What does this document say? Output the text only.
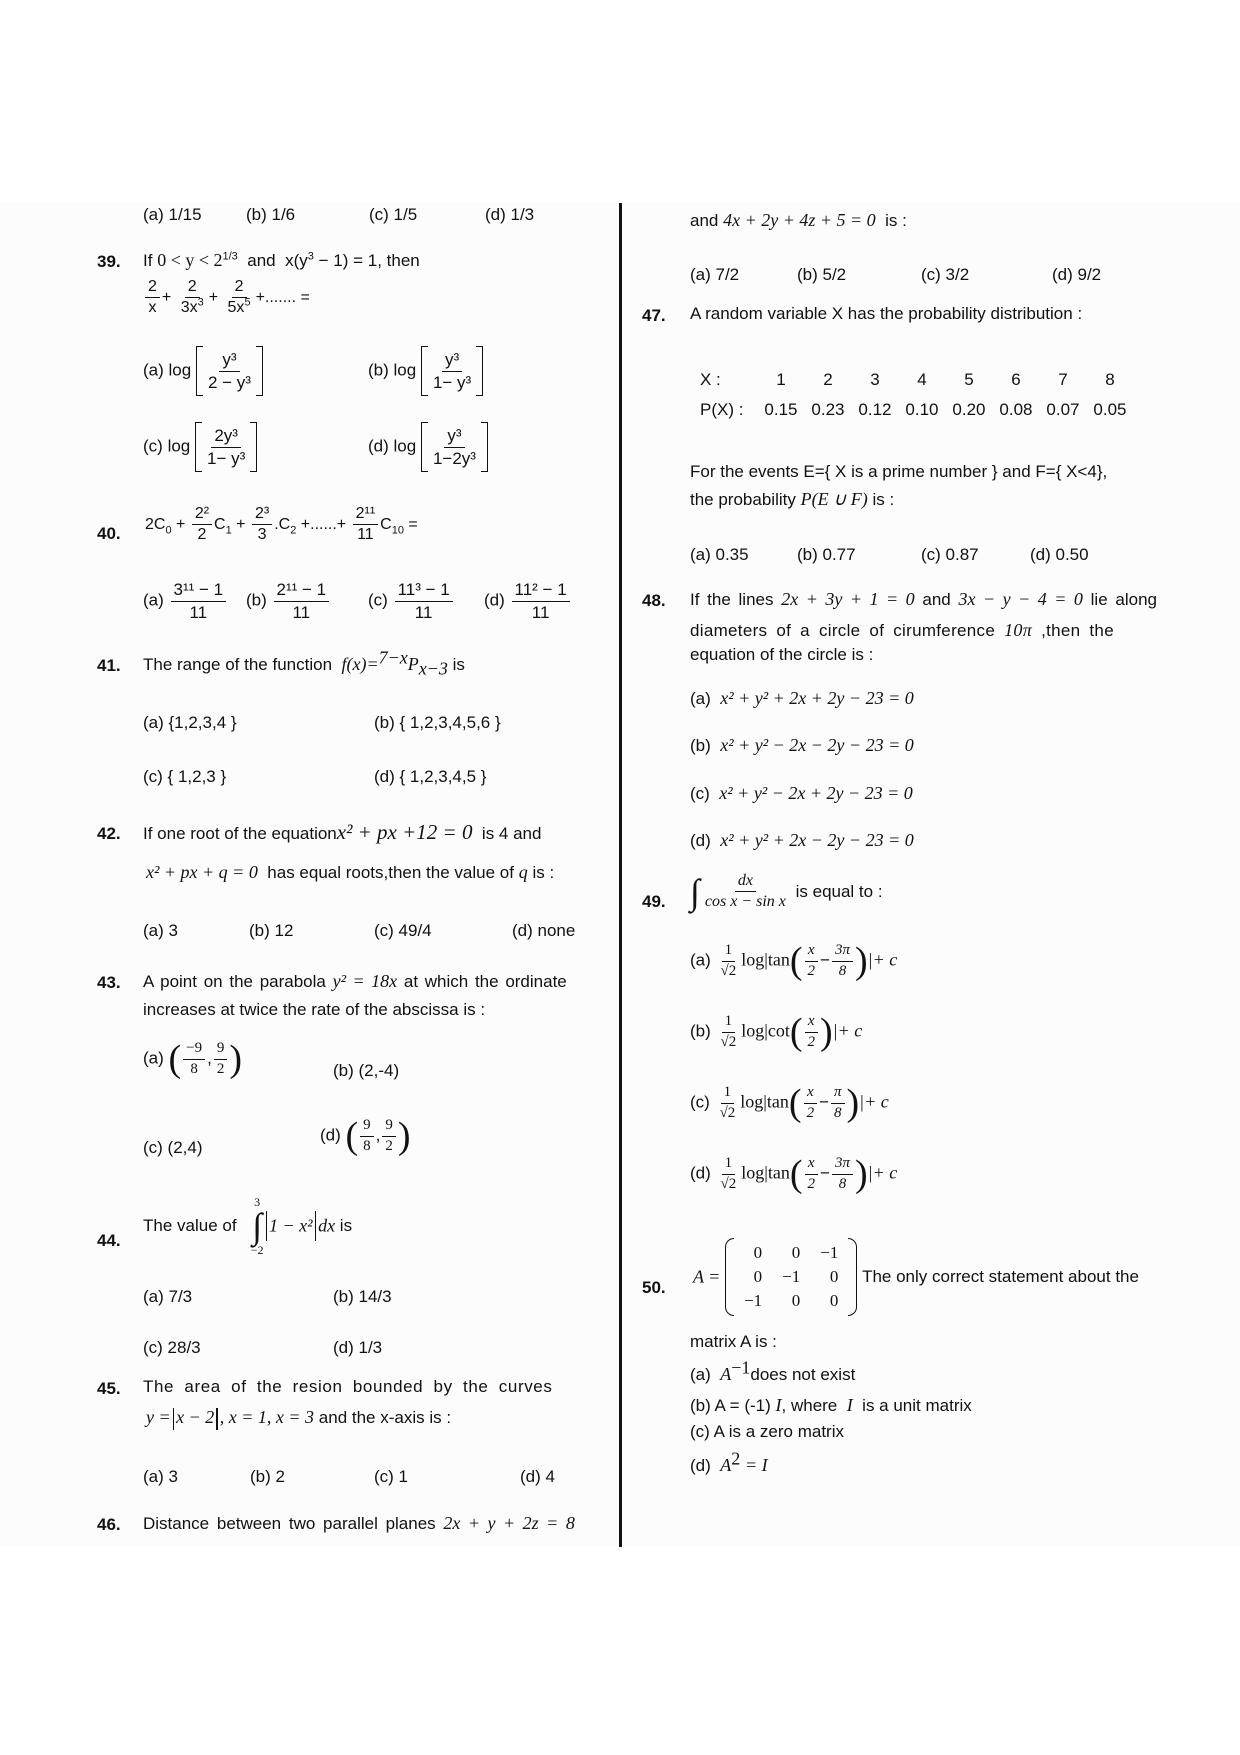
(a) 1/15	(b) 1/6	(c) 1/5	(d) 1/3
39. If $0 < y < 2^{1/3}$ and $x(y^3 - 1) = 1$, then
$\frac{2}{x} + \frac{2}{3x^3} + \frac{2}{5x^5}$ +....... =
(a) $\log \frac{\text{y³}}{\text{2 − y³}}$	(b) $\log \frac{\text{y³}}{\text{1− y³}}$
(c) $\log \frac{\text{2y³}}{\text{1− y³}}$	(d) $\log \frac{\text{y³}}{\text{1−2y³}}$
40. $2C_0 + \frac{\text{2²}}{2} C_1 + \frac{\text{2³}}{3} .C_2$ +......+ $\frac{\text{2¹¹}}{11} C_{10}$ =
$(a) \frac{\text{3¹¹ − 1}}{11} (b) \frac{\text{2¹¹ − 1}}{11} (c) \frac{\text{11³ − 1}}{11} (d) \frac{\text{11² − 1}}{11}$
41. The range of the function $f(x)=^{7-x}P_{x-3}$ is
(a) {1,2,3,4 }	(b) { 1,2,3,4,5,6 }
(c) { 1,2,3 }	(d) { 1,2,3,4,5 }
42. If one root of the equationx² + px +12 = 0 is 4 and
x² + px + q = 0 has equal roots,then the value of q is :
(a) 3	(b) 12	(c) 49/4	(d) none
43. A point on the parabola y² = 18x at which the ordinate
increases at twice the rate of the abscissa is :
(a) ( $\frac{-9}{8}$ , $\frac{9}{2}$ )	(b) (2,-4)
(c) (2,4)
(d) ( $\frac{9}{8}$ , $\frac{9}{2}$ )
44.
The value of
3
∫
−2
1 − x² dx is
(a) 7/3	(b) 14/3
(c) 28/3	(d) 1/3
45. The area of the resion bounded by the curves
y = x − 2 , x = 1, x = 3 and the x-axis is :
(a) 3	(b) 2	(c) 1	(d) 4
46. Distance between two parallel planes 2x + y + 2z = 8
and 4x + 2y + 4z + 5 = 0 is :
(a) 7/2	(b) 5/2	(c) 3/2	(d) 9/2
47. A random variable X has the probability distribution :
X :	1	2	3	4	5	6	7	8
P(X) :	0.15	0.23	0.12	0.10	0.20	0.08	0.07	0.05
For the events E={ X is a prime number } and F={ X<4},
the probability P(E ∪ F) is :
(a) 0.35	(b) 0.77	(c) 0.87	(d) 0.50
48. If the lines 2x + 3y + 1 = 0 and 3x − y − 4 = 0 lie along
diameters of a circle of cirumference 10π ,then the
equation of the circle is :
(a) x² + y² + 2x + 2y − 23 = 0
(b) x² + y² − 2x − 2y − 23 = 0
(c) x² + y² − 2x + 2y − 23 = 0
(d) x² + y² + 2x − 2y − 23 = 0
49. ∫ $\frac{dx}{\text{cos x − sin x}}$ is equal to :
$(a) \frac{1}{√2} \log|\tan( \frac{x}{2} - \frac{3\pi}{8}$ )|+ c
$(b) \frac{1}{√2} \log|\cot( \frac{x}{2}$ )|+ c
$(c) \frac{1}{√2} \log|\tan( \frac{x}{2} - \frac{\pi}{8}$ )|+ c
$(d) \frac{1}{√2} \log|\tan( \frac{x}{2} - \frac{3\pi}{8}$ )|+ c
50.
A =
0	0	−1
0	−1	0
−1	0	0
The only correct statement about the
matrix A is :
(a) $A^{-1}does$ not exist
(b) A = (-1) I, where I is a unit matrix
(c) A is a zero matrix
(d) $A^2 = I$
